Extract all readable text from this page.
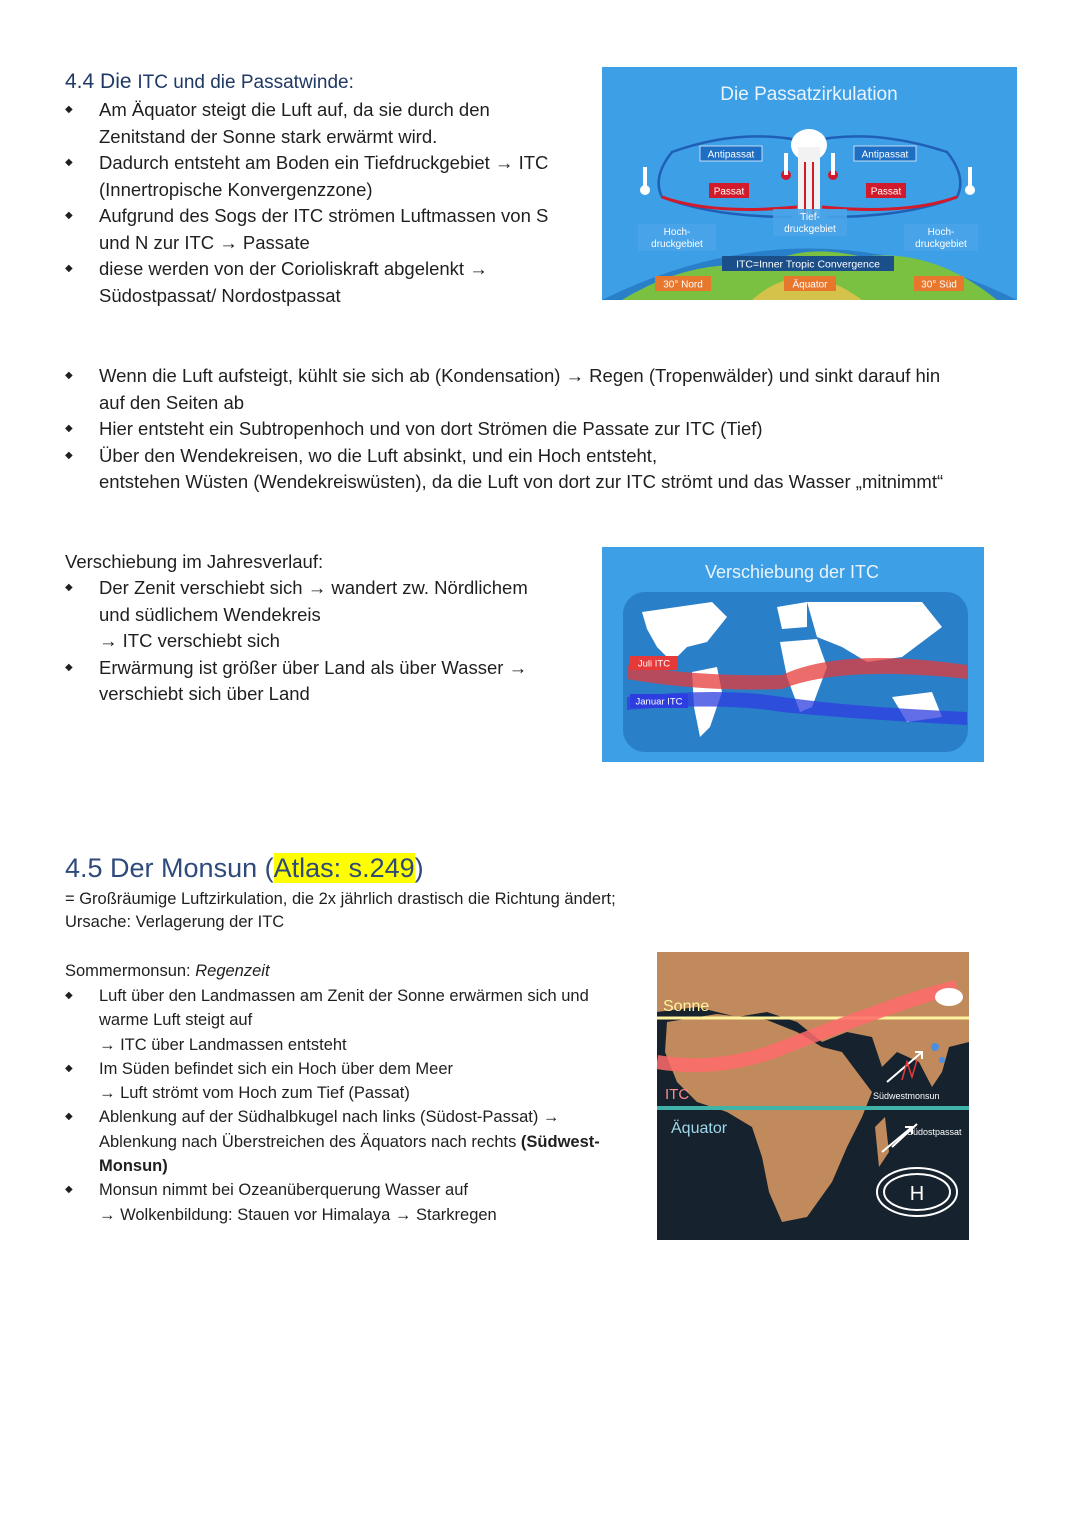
4.4 Die ITC und die Passatwinde:
◆ Am Äquator steigt die Luft auf, da sie durch den
Zenitstand der Sonne stark erwärmt wird.
◆ Dadurch entsteht am Boden ein Tiefdruckgebiet → ITC
(Innertropische Konvergenzzone)
◆ Aufgrund des Sogs der ITC strömen Luftmassen von S
und N zur ITC → Passate
◆ diese werden von der Corioliskraft abgelenkt →
Südostpassat/ Nordostpassat
Die Passatzirkulation
Antipassat	Antipassat
Passat	Passat
Hoch-
druckgebiet
Tief-
druckgebiet	Hoch-
druckgebiet
ITC=Inner Tropic Convergence
30° Nord	Äquator	30° Süd
◆ Wenn die Luft aufsteigt, kühlt sie sich ab (Kondensation) → Regen (Tropenwälder) und sinkt darauf hin
auf den Seiten ab
◆ Hier entsteht ein Subtropenhoch und von dort Strömen die Passate zur ITC (Tief)
◆ Über den Wendekreisen, wo die Luft absinkt, und ein Hoch entsteht,
entstehen Wüsten (Wendekreiswüsten), da die Luft von dort zur ITC strömt und das Wasser „mitnimmt“
Verschiebung im Jahresverlauf:
◆ Der Zenit verschiebt sich → wandert zw. Nördlichem
und südlichem Wendekreis
→ ITC verschiebt sich
◆ Erwärmung ist größer über Land als über Wasser →
verschiebt sich über Land
Verschiebung der ITC
Juli ITC
Januar ITC
4.5 Der Monsun (Atlas: s.249)
= Großräumige Luftzirkulation, die 2x jährlich drastisch die Richtung ändert;
Ursache: Verlagerung der ITC
Sommermonsun: Regenzeit
◆ Luft über den Landmassen am Zenit der Sonne erwärmen sich und
warme Luft steigt auf
→ ITC über Landmassen entsteht
◆ Im Süden befindet sich ein Hoch über dem Meer
→ Luft strömt vom Hoch zum Tief (Passat)
◆ Ablenkung auf der Südhalbkugel nach links (Südost-Passat) →
Ablenkung nach Überstreichen des Äquators nach rechts (Südwest-
Monsun)
◆ Monsun nimmt bei Ozeanüberquerung Wasser auf
→ Wolkenbildung: Stauen vor Himalaya → Starkregen
Sonne
ITC
Äquator
Südwestmonsun
Südostpassat
H
